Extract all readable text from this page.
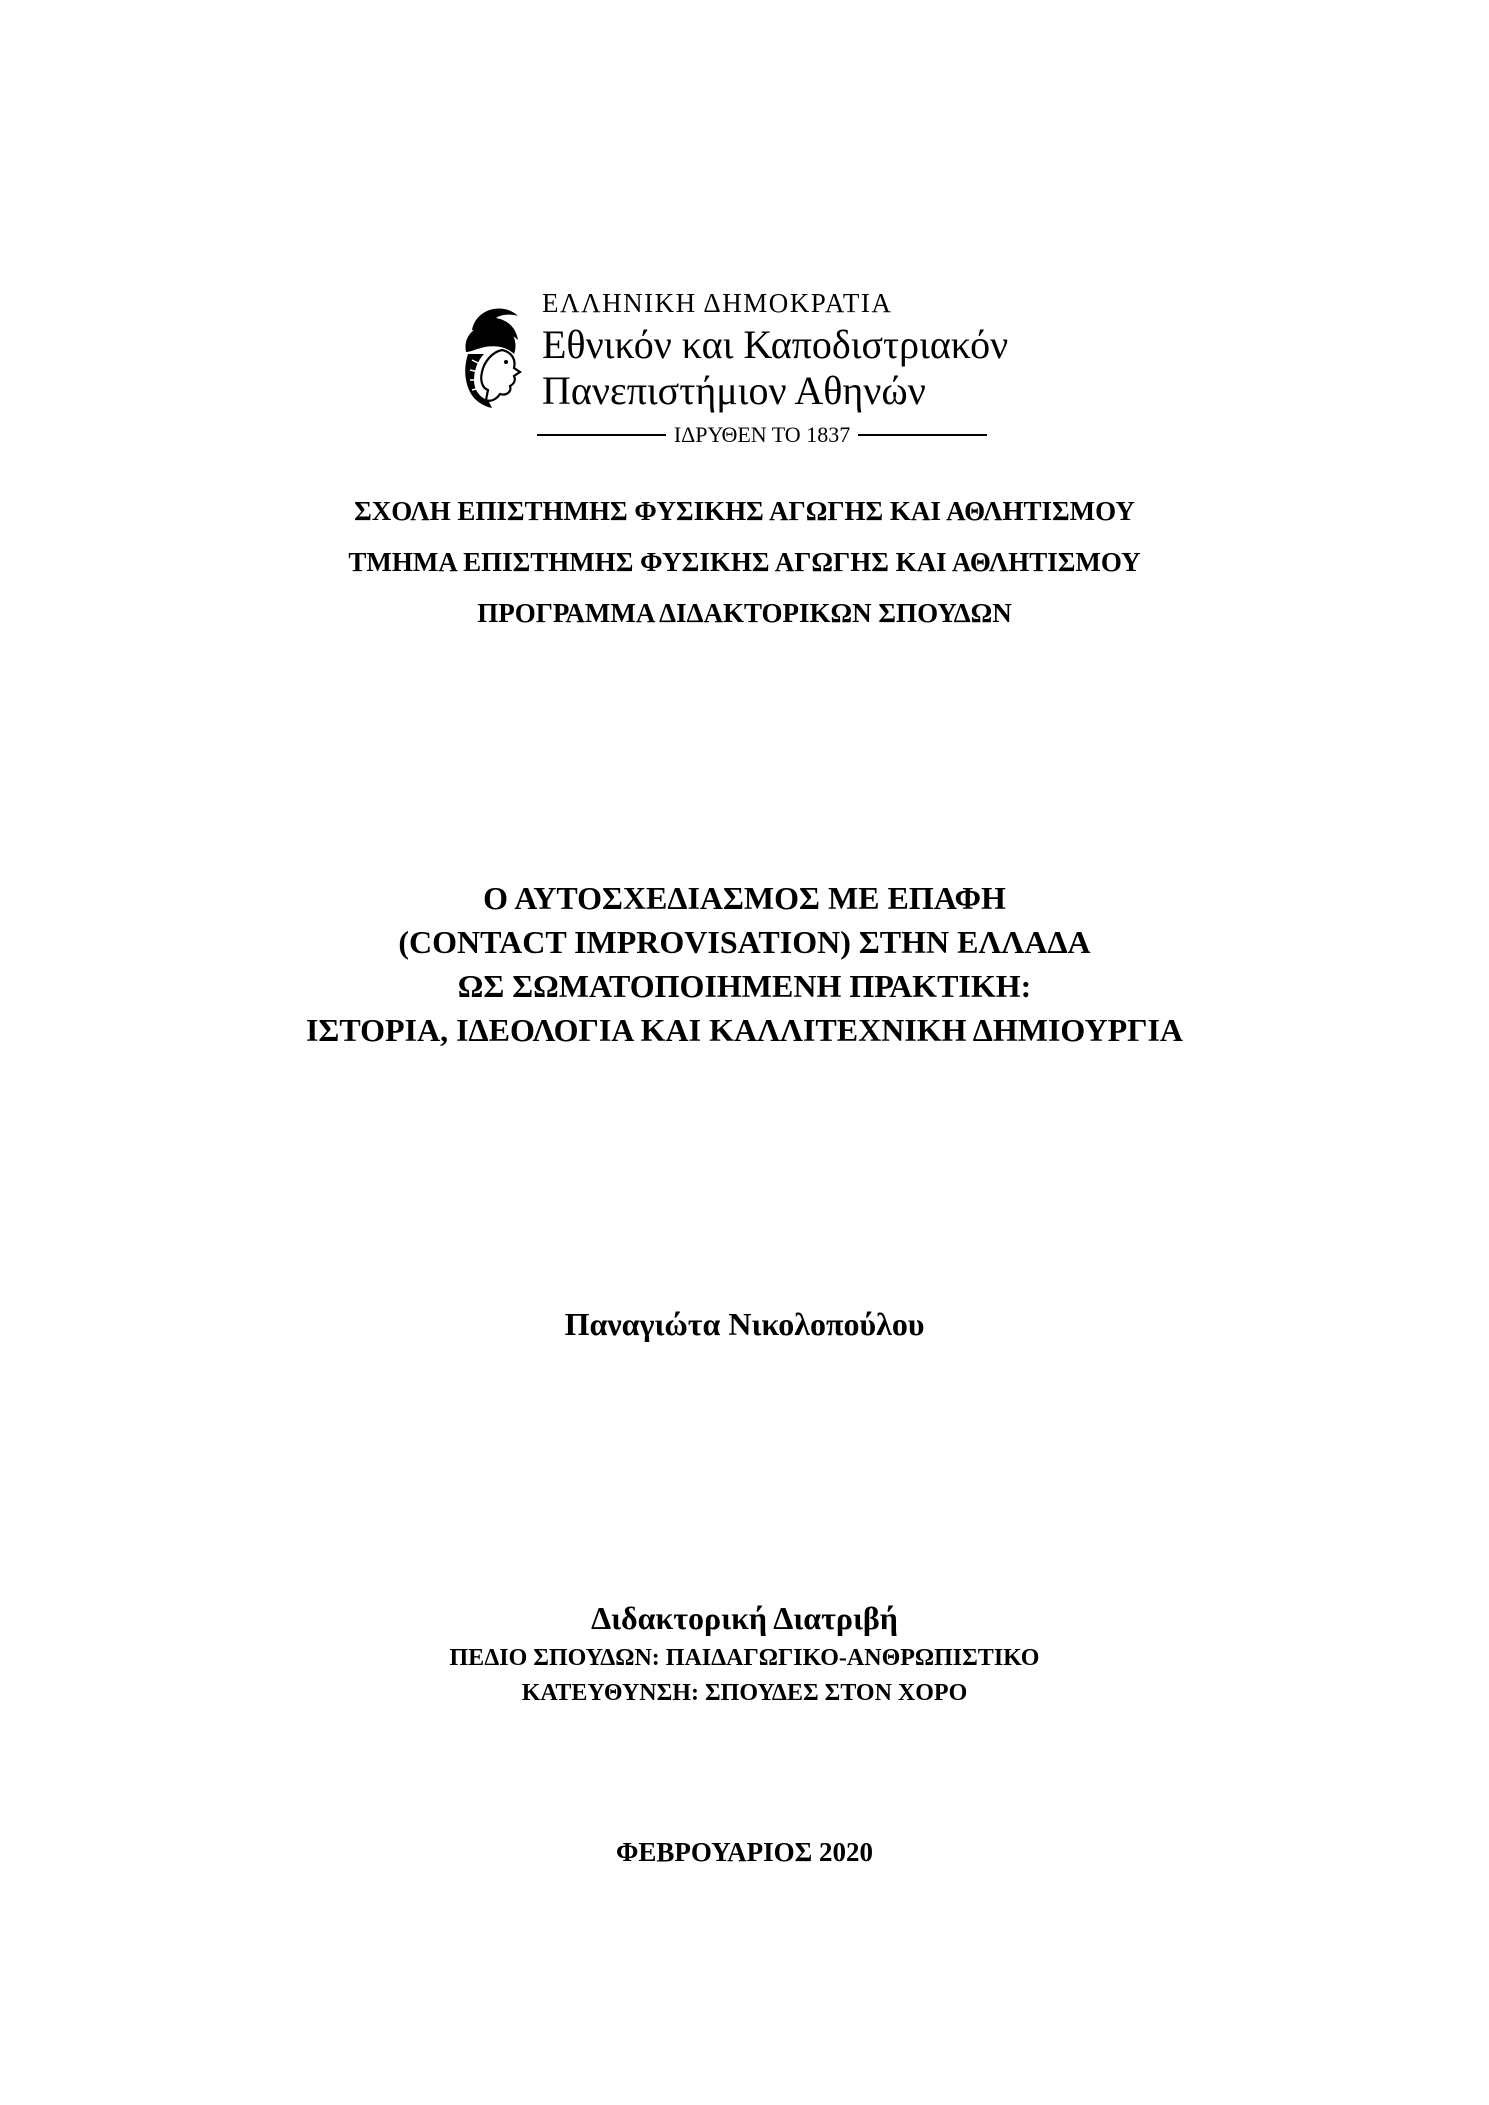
ΕΛΛΗΝΙΚΗ ΔΗΜΟΚΡΑΤΙΑ
Εθνικόν και Καποδιστριακόν
Πανεπιστήμιον Αθηνών
ΙΔΡΥΘΕΝ ΤΟ 1837
ΣΧΟΛΗ ΕΠΙΣΤΗΜΗΣ ΦΥΣΙΚΗΣ ΑΓΩΓΗΣ ΚΑΙ ΑΘΛΗΤΙΣΜΟΥ
ΤΜΗΜΑ ΕΠΙΣΤΗΜΗΣ ΦΥΣΙΚΗΣ ΑΓΩΓΗΣ ΚΑΙ ΑΘΛΗΤΙΣΜΟΥ
ΠΡΟΓΡΑΜΜΑ ΔΙΔΑΚΤΟΡΙΚΩΝ ΣΠΟΥΔΩΝ
Ο ΑΥΤΟΣΧΕΔΙΑΣΜΟΣ ΜΕ ΕΠΑΦΗ
(CONTACT IMPROVISATION) ΣΤΗΝ ΕΛΛΑΔΑ
ΩΣ ΣΩΜΑΤΟΠΟΙΗΜΕΝΗ ΠΡΑΚΤΙΚΗ:
ΙΣΤΟΡΙΑ, ΙΔΕΟΛΟΓΙΑ ΚΑΙ ΚΑΛΛΙΤΕΧΝΙΚΗ ΔΗΜΙΟΥΡΓΙΑ
Παναγιώτα Νικολοπούλου
Διδακτορική Διατριβή
ΠΕΔΙΟ ΣΠΟΥΔΩΝ: ΠΑΙΔΑΓΩΓΙΚΟ-ΑΝΘΡΩΠΙΣΤΙΚΟ
ΚΑΤΕΥΘΥΝΣΗ: ΣΠΟΥΔΕΣ ΣΤΟΝ ΧΟΡΟ
ΦΕΒΡΟΥΑΡΙΟΣ 2020
